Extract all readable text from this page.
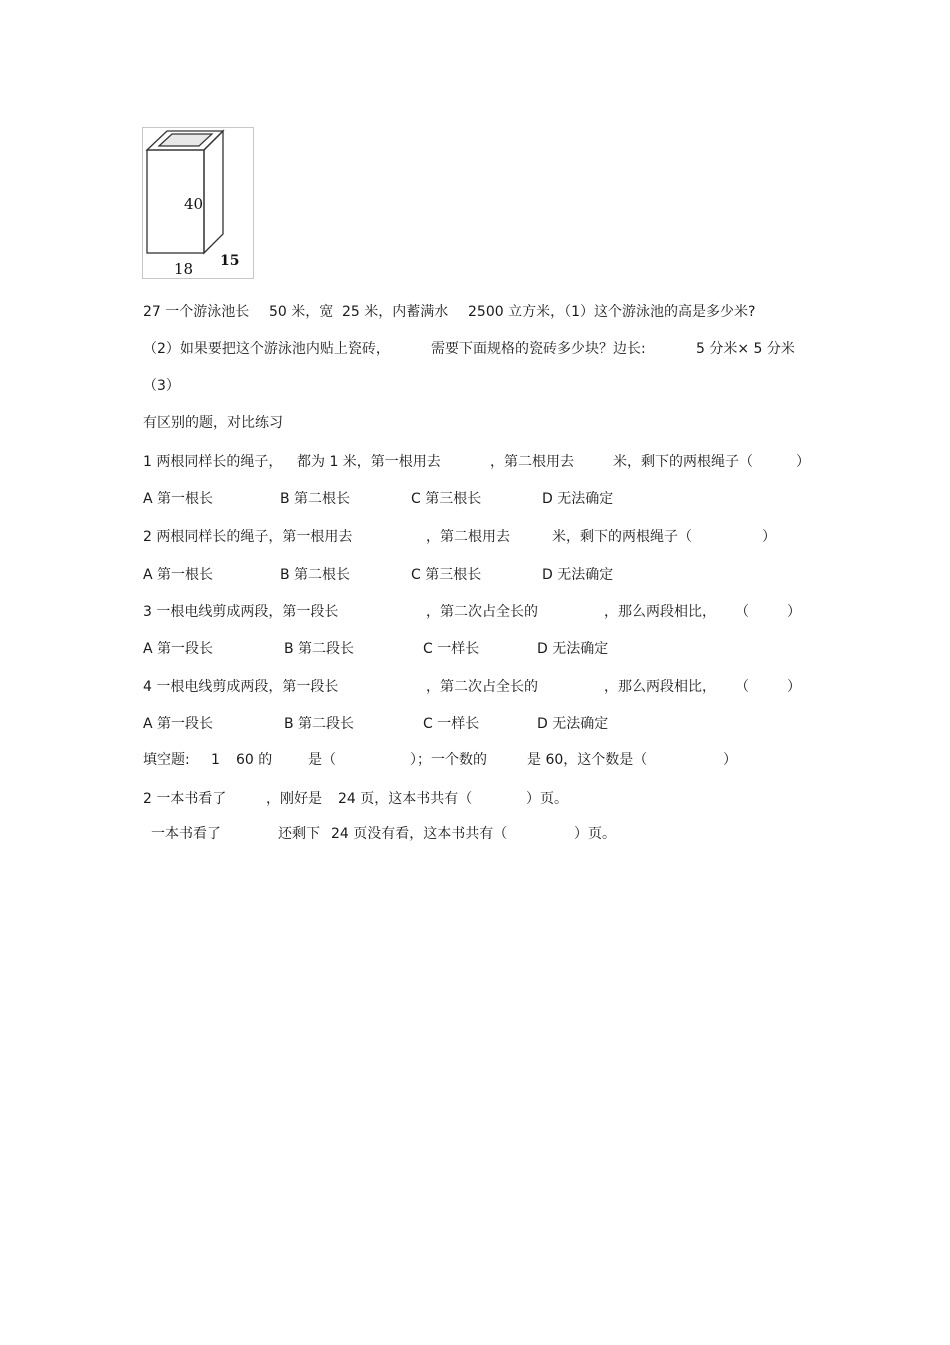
40
18 15
27 一个游泳池长 50 米，宽 25 米，内蓄满水 2500 立方米，（1）这个游泳池的高是多少米?
（2）如果要把这个游泳池内贴上瓷砖，	需要下面规格的瓷砖多少块？边长:	5 分米× 5 分米
（3）
有区别的题，对比练习
1 两根同样长的绳子， 都为 1 米，第一根用去	，第二根用去	米，剩下的两根绳子（	）
A 第一根长	B 第二根长	C 第三根长	D 无法确定
2 两根同样长的绳子，第一根用去	，第二根用去	米，剩下的两根绳子（	）
A 第一根长	B 第二根长	C 第三根长	D 无法确定
3 一根电线剪成两段，第一段长	，第二次占全长的	，那么两段相比， （	）
A 第一段长	B 第二段长	C 一样长	D 无法确定
4 一根电线剪成两段，第一段长	，第二次占全长的	，那么两段相比， （	）
A 第一段长	B 第二段长	C 一样长	D 无法确定
填空题: 1 60 的	是（	）；一个数的	是 60，这个数是（	）
2 一本书看了	，刚好是 24 页，这本书共有（	）页。
一本书看了	还剩下 24 页没有看，这本书共有（	）页。
